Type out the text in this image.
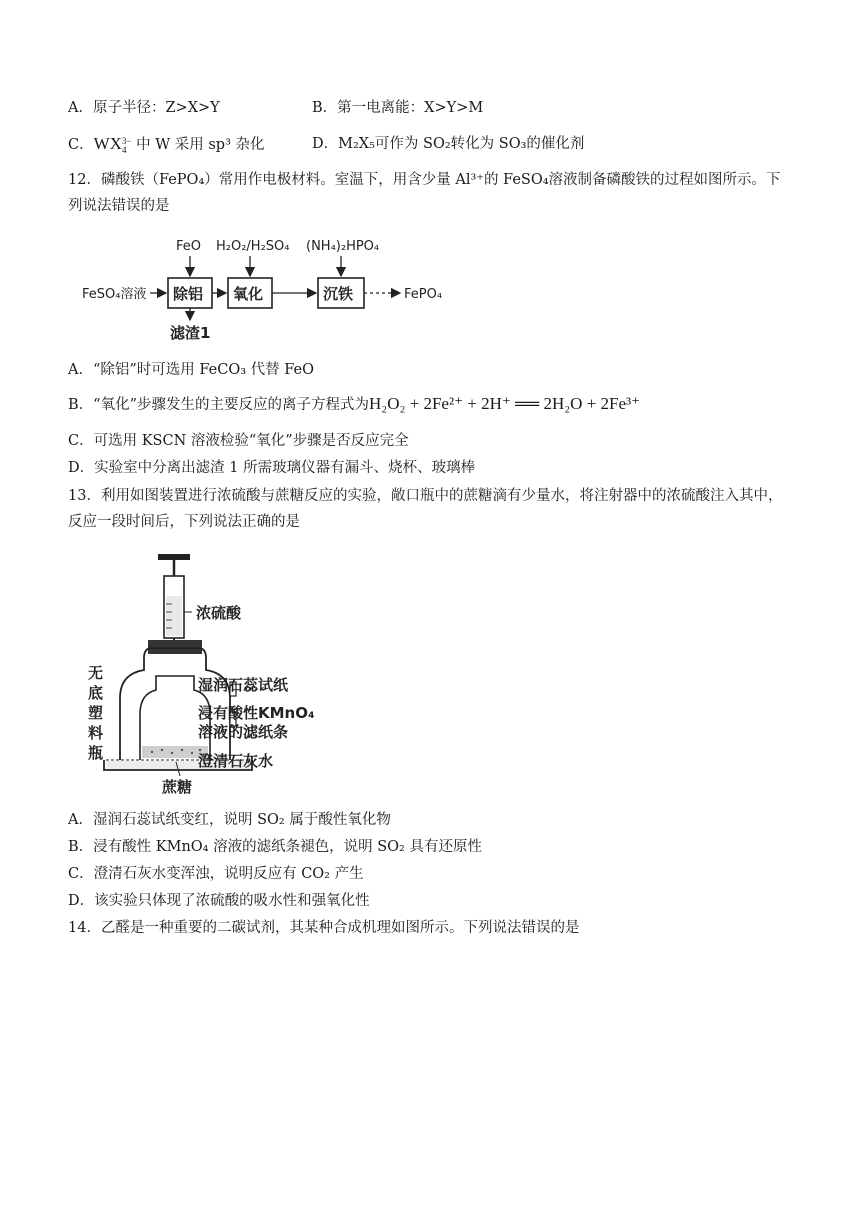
A．原子半径：Z>X>Y	B．第一电离能：X>Y>M
C．WX 3−
4 中 W 采用 sp³ 杂化	D．M₂X₅可作为 SO₂转化为 SO₃的催化剂
12．磷酸铁（FePO₄）常用作电极材料。室温下，用含少量 Al³⁺的 FeSO₄溶液制备磷酸铁的过程如图所示。下
列说法错误的是
FeSO₄溶液 除铝
FeO
滤渣1
氧化
H₂O₂/H₂SO₄
沉铁
(NH₄)₂HPO₄
FePO₄
A．“除铝”时可选用 FeCO₃ 代替 FeO
B．“氧化”步骤发生的主要反应的离子方程式为H₂O₂ + 2Fe²⁺ + 2H⁺ ══ 2H₂O + 2Fe³⁺
C．可选用 KSCN 溶液检验“氧化”步骤是否反应完全
D．实验室中分离出滤渣 1 所需玻璃仪器有漏斗、烧杯、玻璃棒
13．利用如图装置进行浓硫酸与蔗糖反应的实验，敞口瓶中的蔗糖滴有少量水，将注射器中的浓硫酸注入其中，
反应一段时间后，下列说法正确的是
浓硫酸
无
底
塑
料
瓶
湿润石蕊试纸
浸有酸性KMnO₄
溶液的滤纸条
澄清石灰水
蔗糖
A．湿润石蕊试纸变红，说明 SO₂ 属于酸性氧化物
B．浸有酸性 KMnO₄ 溶液的滤纸条褪色，说明 SO₂ 具有还原性
C．澄清石灰水变浑浊，说明反应有 CO₂ 产生
D．该实验只体现了浓硫酸的吸水性和强氧化性
14．乙醛是一种重要的二碳试剂，其某种合成机理如图所示。下列说法错误的是
